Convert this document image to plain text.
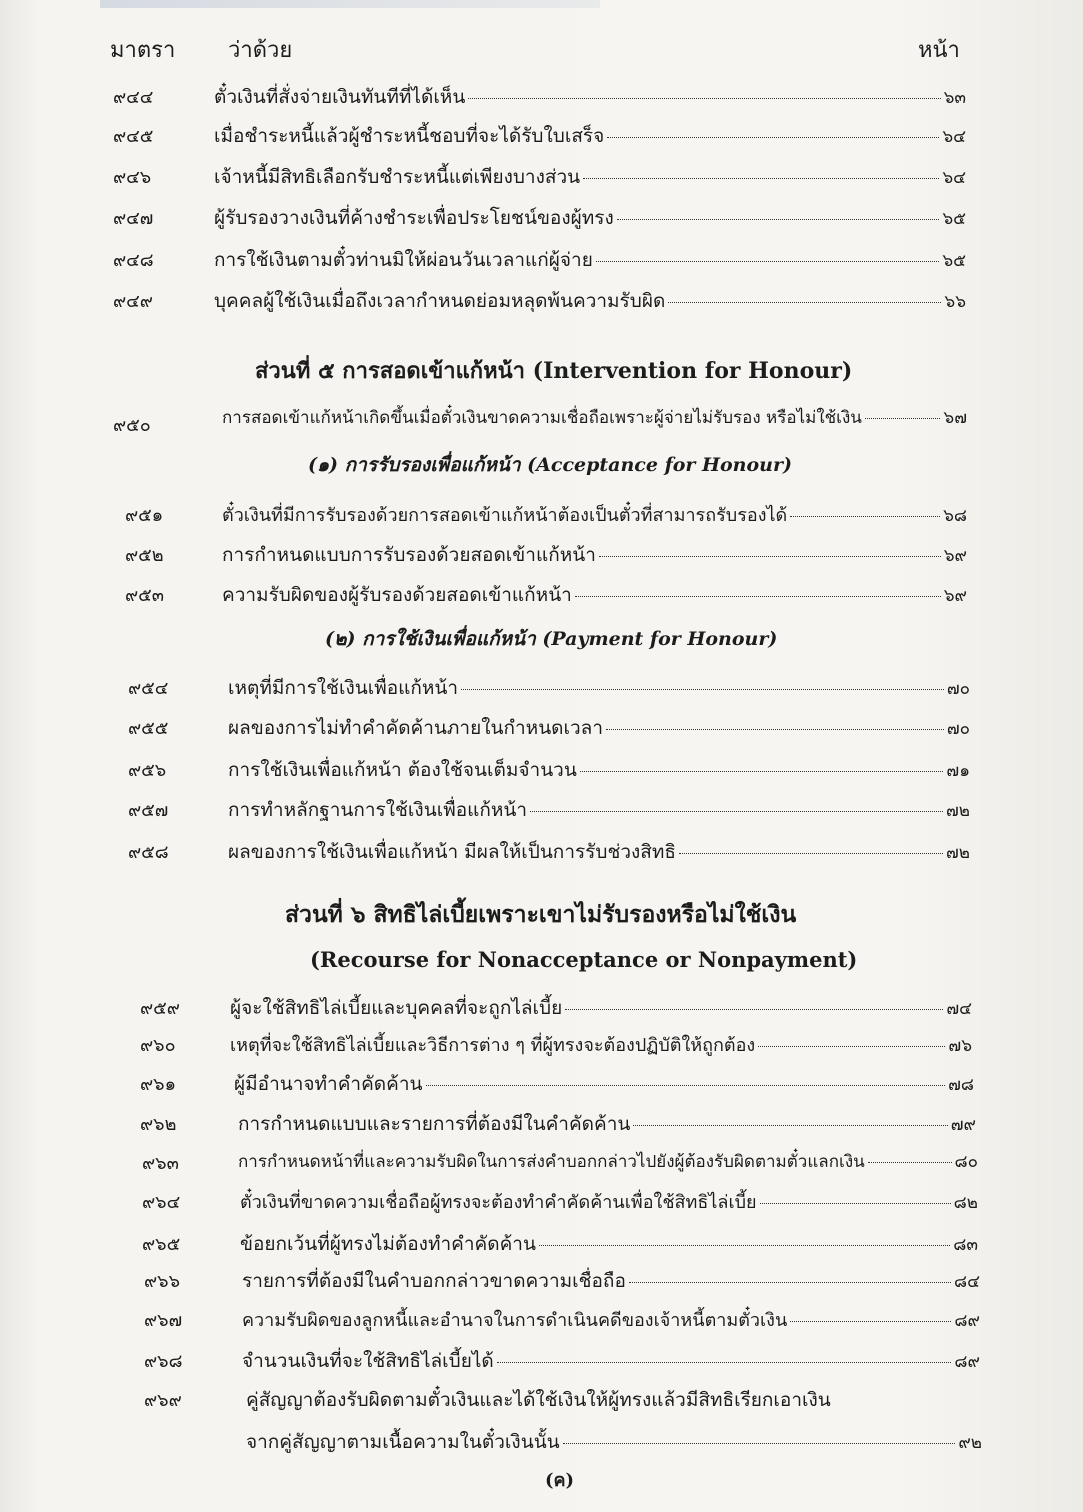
มาตรา ว่าด้วย	หน้า
๙๔๔	ตั๋วเงินที่สั่งจ่ายเงินทันทีที่ได้เห็น	๖๓
๙๔๕	เมื่อชำระหนี้แล้วผู้ชำระหนี้ชอบที่จะได้รับใบเสร็จ	๖๔
๙๔๖	เจ้าหนี้มีสิทธิเลือกรับชำระหนี้แต่เพียงบางส่วน	๖๔
๙๔๗	ผู้รับรองวางเงินที่ค้างชำระเพื่อประโยชน์ของผู้ทรง	๖๕
๙๔๘	การใช้เงินตามตั๋วท่านมิให้ผ่อนวันเวลาแก่ผู้จ่าย	๖๕
๙๔๙	บุคคลผู้ใช้เงินเมื่อถึงเวลากำหนดย่อมหลุดพ้นความรับผิด	๖๖
ส่วนที่ ๕ การสอดเข้าแก้หน้า (Intervention for Honour)
๙๕๐	การสอดเข้าแก้หน้าเกิดขึ้นเมื่อตั๋วเงินขาดความเชื่อถือเพราะผู้จ่ายไม่รับรอง หรือไม่ใช้เงิน	๖๗
(๑) การรับรองเพื่อแก้หน้า (Acceptance for Honour)
๙๕๑	ตั๋วเงินที่มีการรับรองด้วยการสอดเข้าแก้หน้าต้องเป็นตั๋วที่สามารถรับรองได้	๖๘
๙๕๒	การกำหนดแบบการรับรองด้วยสอดเข้าแก้หน้า	๖๙
๙๕๓	ความรับผิดของผู้รับรองด้วยสอดเข้าแก้หน้า	๖๙
(๒) การใช้เงินเพื่อแก้หน้า (Payment for Honour)
๙๕๔	เหตุที่มีการใช้เงินเพื่อแก้หน้า	๗๐
๙๕๕	ผลของการไม่ทำคำคัดค้านภายในกำหนดเวลา	๗๐
๙๕๖	การใช้เงินเพื่อแก้หน้า ต้องใช้จนเต็มจำนวน	๗๑
๙๕๗	การทำหลักฐานการใช้เงินเพื่อแก้หน้า	๗๒
๙๕๘	ผลของการใช้เงินเพื่อแก้หน้า มีผลให้เป็นการรับช่วงสิทธิ	๗๒
ส่วนที่ ๖ สิทธิไล่เบี้ยเพราะเขาไม่รับรองหรือไม่ใช้เงิน
(Recourse for Nonacceptance or Nonpayment)
๙๕๙	ผู้จะใช้สิทธิไล่เบี้ยและบุคคลที่จะถูกไล่เบี้ย	๗๔
๙๖๐	เหตุที่จะใช้สิทธิไล่เบี้ยและวิธีการต่าง ๆ ที่ผู้ทรงจะต้องปฏิบัติให้ถูกต้อง	๗๖
๙๖๑	ผู้มีอำนาจทำคำคัดค้าน	๗๘
๙๖๒	การกำหนดแบบและรายการที่ต้องมีในคำคัดค้าน	๗๙
๙๖๓	การกำหนดหน้าที่และความรับผิดในการส่งคำบอกกล่าวไปยังผู้ต้องรับผิดตามตั๋วแลกเงิน	๘๐
๙๖๔	ตั๋วเงินที่ขาดความเชื่อถือผู้ทรงจะต้องทำคำคัดค้านเพื่อใช้สิทธิไล่เบี้ย	๘๒
๙๖๕	ข้อยกเว้นที่ผู้ทรงไม่ต้องทำคำคัดค้าน	๘๓
๙๖๖	รายการที่ต้องมีในคำบอกกล่าวขาดความเชื่อถือ	๘๔
๙๖๗	ความรับผิดของลูกหนี้และอำนาจในการดำเนินคดีของเจ้าหนี้ตามตั๋วเงิน	๘๙
๙๖๘	จำนวนเงินที่จะใช้สิทธิไล่เบี้ยได้	๘๙
๙๖๙	คู่สัญญาต้องรับผิดตามตั๋วเงินและได้ใช้เงินให้ผู้ทรงแล้วมีสิทธิเรียกเอาเงิน
จากคู่สัญญาตามเนื้อความในตั๋วเงินนั้น	๙๒
(ค)
